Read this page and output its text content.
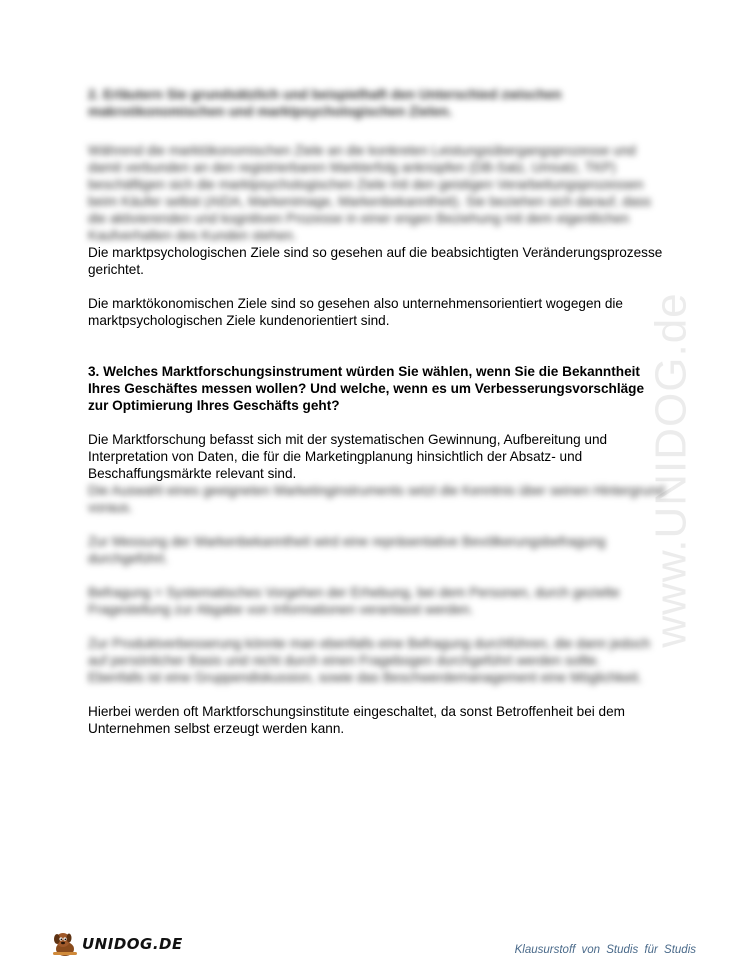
www.UNIDOG.de

2. Erläutern Sie grundsätzlich und beispielhaft den Unterschied zwischen makroökonomischen und marktpsychologischen Zielen.

Während die marktökonomischen Ziele an die konkreten Leistungsübergangsprozesse und damit verbunden an den registrierbaren Markterfolg anknüpfen (DB-Satz, Umsatz, TKP) beschäftigen sich die marktpsychologischen Ziele mit den geistigen Verarbeitungsprozessen beim Käufer selbst (AIDA, Markenimage, Markenbekanntheit). Sie beziehen sich darauf, dass die aktivierenden und kognitiven Prozesse in einer engen Beziehung mit dem eigentlichen Kaufverhalten des Kunden stehen.

Die marktpsychologischen Ziele sind so gesehen auf die beabsichtigten Veränderungsprozesse gerichtet.

Die marktökonomischen Ziele sind so gesehen also unternehmensorientiert wogegen die marktpsychologischen Ziele kundenorientiert sind.

3. Welches Marktforschungsinstrument würden Sie wählen, wenn Sie die Bekanntheit Ihres Geschäftes messen wollen? Und welche, wenn es um Verbesserungsvorschläge zur Optimierung Ihres Geschäfts geht?

Die Marktforschung befasst sich mit der systematischen Gewinnung, Aufbereitung und Interpretation von Daten, die für die Marketingplanung hinsichtlich der Absatz- und Beschaffungsmärkte relevant sind.

Die Auswahl eines geeigneten Marketinginstruments setzt die Kenntnis über seinen Hintergrund voraus.

Zur Messung der Markenbekanntheit wird eine repräsentative Bevölkerungsbefragung durchgeführt.

Befragung = Systematisches Vorgehen der Erhebung, bei dem Personen, durch gezielte Fragestellung zur Abgabe von Informationen veranlasst werden.

Zur Produktverbesserung könnte man ebenfalls eine Befragung durchführen, die dann jedoch auf persönlicher Basis und nicht durch einen Fragebogen durchgeführt werden sollte.

Ebenfalls ist eine Gruppendiskussion, sowie das Beschwerdemanagement eine Möglichkeit.

Hierbei werden oft Marktforschungsinstitute eingeschaltet, da sonst Betroffenheit bei dem Unternehmen selbst erzeugt werden kann.

UNIDOG.DE	Klausurstoff von Studis für Studis
